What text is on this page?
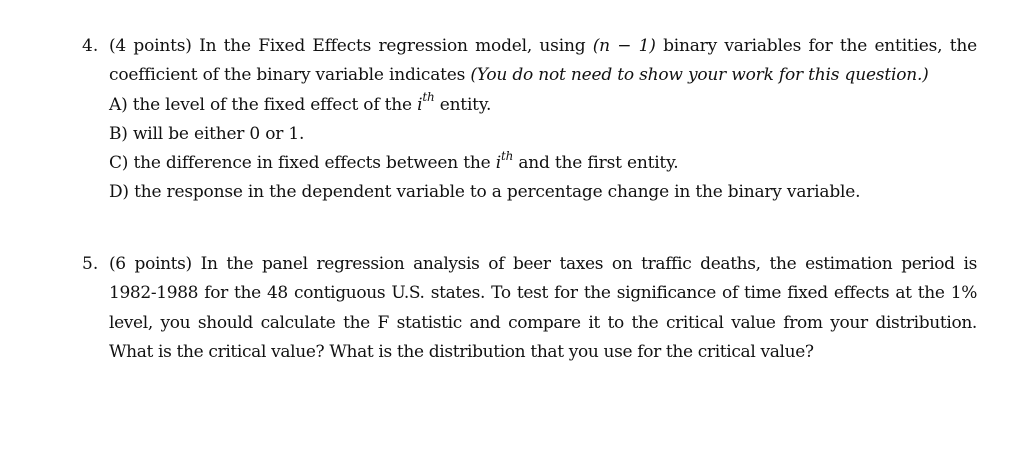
4. (4 points) In the Fixed Effects regression model, using (n − 1) binary variables for the entities, the
coefficient of the binary variable indicates (You do not need to show your work for this question.)
A) the level of the fixed effect of the $i^{th}$ entity.
B) will be either 0 or 1.
C) the difference in fixed effects between the $i^{th}$ and the first entity.
D) the response in the dependent variable to a percentage change in the binary variable.
5. (6 points) In the panel regression analysis of beer taxes on traffic deaths, the estimation period is
1982-1988 for the 48 contiguous U.S. states. To test for the significance of time fixed effects at the 1%
level, you should calculate the F statistic and compare it to the critical value from your distribution.
What is the critical value? What is the distribution that you use for the critical value?
